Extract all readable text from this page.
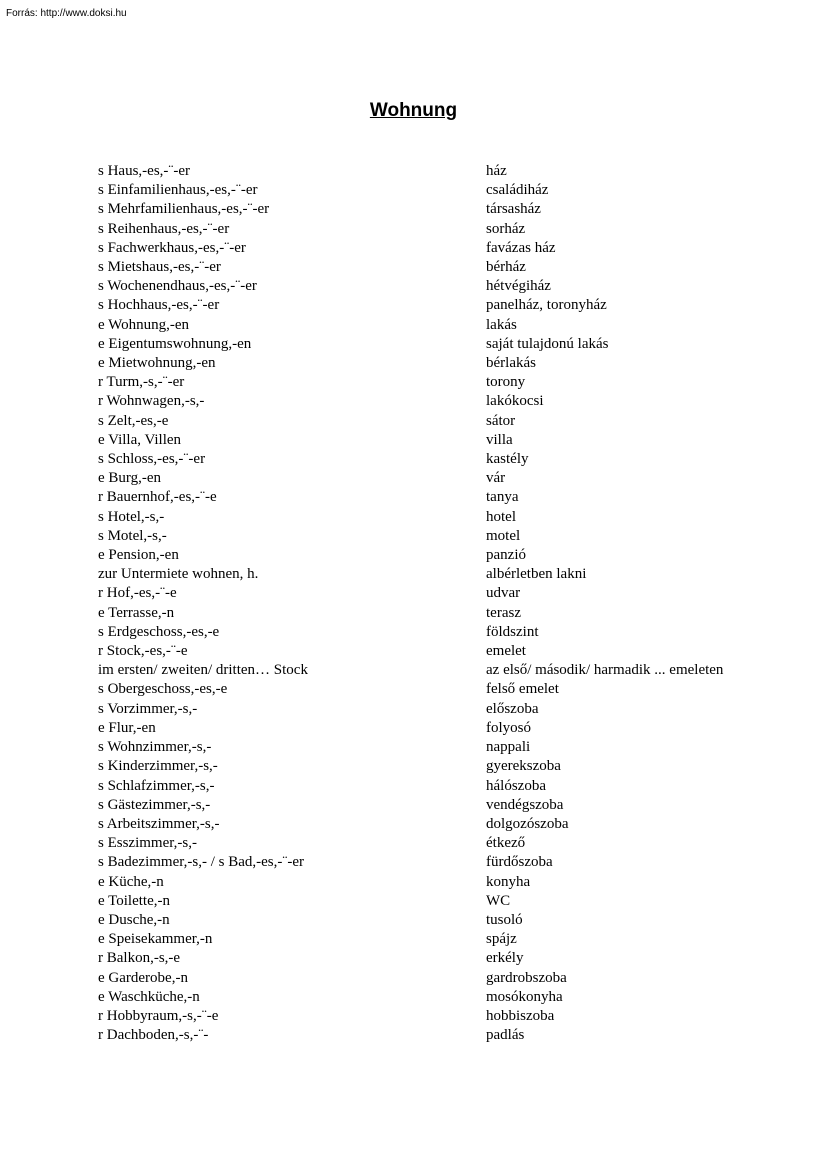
Forrás: http://www.doksi.hu
Wohnung
s Haus,-es,-¨-er	ház
s Einfamilienhaus,-es,-¨-er	családiház
s Mehrfamilienhaus,-es,-¨-er	társasház
s Reihenhaus,-es,-¨-er	sorház
s Fachwerkhaus,-es,-¨-er	favázas ház
s Mietshaus,-es,-¨-er	bérház
s Wochenendhaus,-es,-¨-er	hétvégiház
s Hochhaus,-es,-¨-er	panelház, toronyház
e Wohnung,-en	lakás
e Eigentumswohnung,-en	saját tulajdonú lakás
e Mietwohnung,-en	bérlakás
r Turm,-s,-¨-er	torony
r Wohnwagen,-s,-	lakókocsi
s Zelt,-es,-e	sátor
e Villa, Villen	villa
s Schloss,-es,-¨-er	kastély
e Burg,-en	vár
r Bauernhof,-es,-¨-e	tanya
s Hotel,-s,-	hotel
s Motel,-s,-	motel
e Pension,-en	panzió
zur Untermiete wohnen, h.	albérletben lakni
r Hof,-es,-¨-e	udvar
e Terrasse,-n	terasz
s Erdgeschoss,-es,-e	földszint
r Stock,-es,-¨-e	emelet
im ersten/ zweiten/ dritten… Stock	az első/ második/ harmadik ... emeleten
s Obergeschoss,-es,-e	felső emelet
s Vorzimmer,-s,-	előszoba
e Flur,-en	folyosó
s Wohnzimmer,-s,-	nappali
s Kinderzimmer,-s,-	gyerekszoba
s Schlafzimmer,-s,-	hálószoba
s Gästezimmer,-s,-	vendégszoba
s Arbeitszimmer,-s,-	dolgozószoba
s Esszimmer,-s,-	étkező
s Badezimmer,-s,- / s Bad,-es,-¨-er	fürdőszoba
e Küche,-n	konyha
e Toilette,-n	WC
e Dusche,-n	tusoló
e Speisekammer,-n	spájz
r Balkon,-s,-e	erkély
e Garderobe,-n	gardrobszoba
e Waschküche,-n	mosókonyha
r Hobbyraum,-s,-¨-e	hobbiszoba
r Dachboden,-s,-¨-	padlás
